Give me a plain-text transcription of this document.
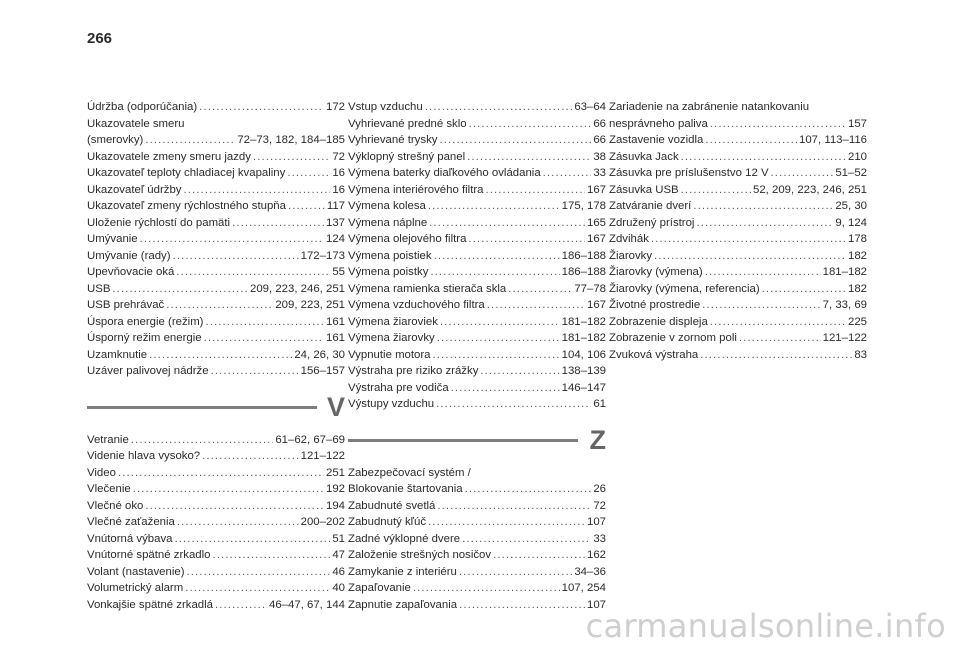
266
Údržba (odporúčania) .....	172
Ukazovatele smeru
(smerovky) .....	72–73, 182, 184–185
Ukazovatele zmeny smeru jazdy .....	72
Ukazovateľ teploty chladiacej kvapaliny .....	16
Ukazovateľ údržby .....	16
Ukazovateľ zmeny rýchlostného stupňa .....	117
Uloženie rýchlostí do pamäti .....	137
Umývanie .....	124
Umývanie (rady) .....	172–173
Upevňovacie oká .....	55
USB .....	209, 223, 246, 251
USB prehrávač .....	209, 223, 251
Úspora energie (režim) .....	161
Úsporný režim energie .....	161
Uzamknutie .....	24, 26, 30
Uzáver palivovej nádrže .....	156–157
V
Vetranie .....	61–62, 67–69
Videnie hlava vysoko? .....	121–122
Video .....	251
Vlečenie .....	192
Vlečné oko .....	194
Vlečné zaťaženia .....	200–202
Vnútorná výbava .....	51
Vnútorné spätné zrkadlo .....	47
Volant (nastavenie) .....	46
Volumetrický alarm .....	40
Vonkajšie spätné zrkadlá .....	46–47, 67, 144
Vstup vzduchu .....	63–64
Vyhrievané predné sklo .....	66
Vyhrievané trysky .....	66
Výklopný strešný panel .....	38
Výmena baterky diaľkového ovládania .....	33
Výmena interiérového filtra .....	167
Výmena kolesa .....	175, 178
Výmena náplne .....	165
Výmena olejového filtra .....	167
Výmena poistiek .....	186–188
Výmena poistky .....	186–188
Výmena ramienka stierača skla .....	77–78
Výmena vzduchového filtra .....	167
Výmena žiaroviek .....	181–182
Výmena žiarovky .....	181–182
Vypnutie motora .....	104, 106
Výstraha pre riziko zrážky .....	138–139
Výstraha pre vodiča .....	146–147
Výstupy vzduchu .....	61
Z
Zabezpečovací systém /
Blokovanie štartovania .....	26
Zabudnuté svetlá .....	72
Zabudnutý kľúč .....	107
Zadné výklopné dvere .....	33
Založenie strešných nosičov .....	162
Zamykanie z interiéru .....	34–36
Zapaľovanie .....	107, 254
Zapnutie zapaľovania .....	107
Zariadenie na zabránenie natankovaniu
nesprávneho paliva .....	157
Zastavenie vozidla .....	107, 113–116
Zásuvka Jack .....	210
Zásuvka pre príslušenstvo 12 V .....	51–52
Zásuvka USB .....	52, 209, 223, 246, 251
Zatváranie dverí .....	25, 30
Združený prístroj .....	9, 124
Zdvihák .....	178
Žiarovky .....	182
Žiarovky (výmena) .....	181–182
Žiarovky (výmena, referencia) .....	182
Životné prostredie .....	7, 33, 69
Zobrazenie displeja .....	225
Zobrazenie v zornom poli .....	121–122
Zvuková výstraha .....	83
carmanualsonline.info
